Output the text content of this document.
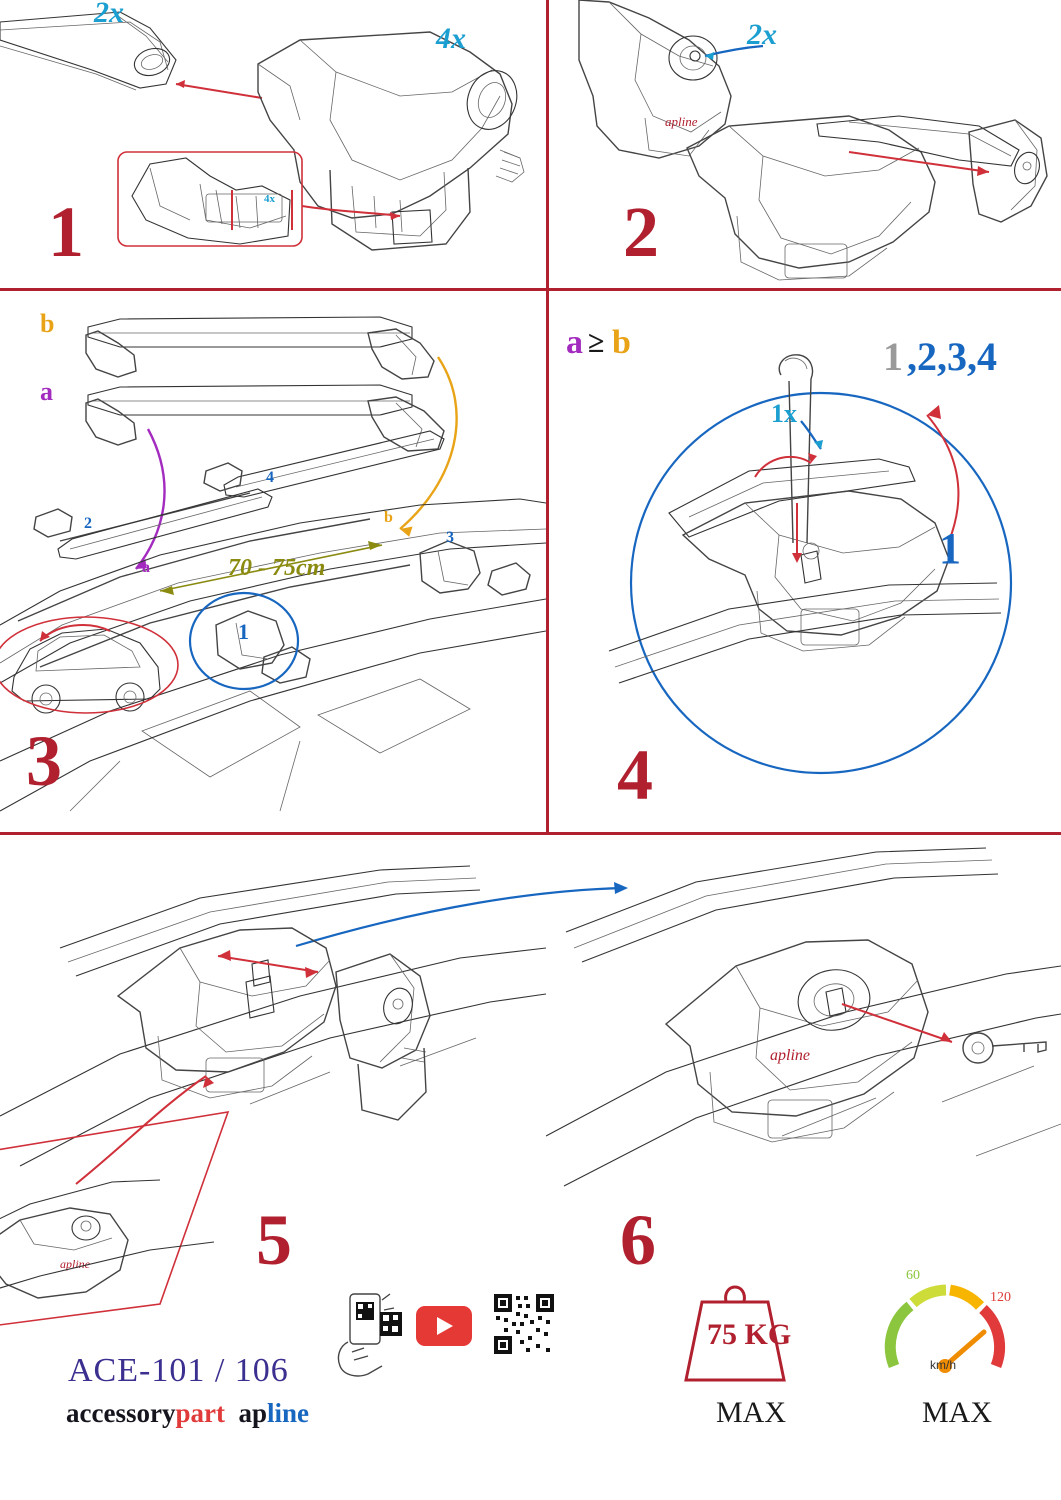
4x
2x
4x
1
apline
2x
2
b
a
70 - 75cm
b
a
1
2
3
4
3
a ≥ b
1x
1 ,2,3,4
1
4
apline 5
apline
6
ACE-101 / 106
accessorypart apline
75 KG
MAX
60
120
km/h
MAX
